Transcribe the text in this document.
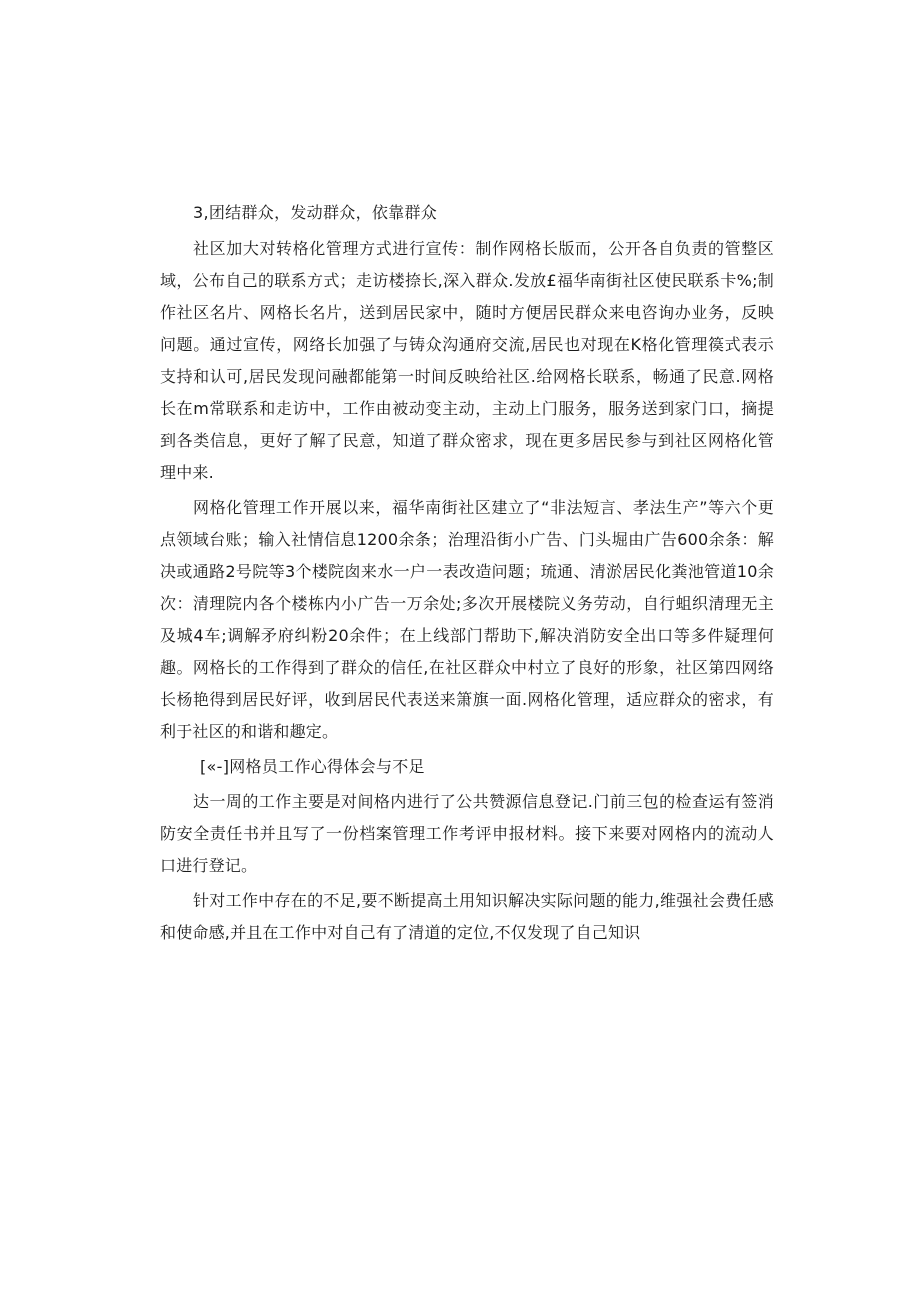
3,团结群众，发动群众，依靠群众

社区加大对转格化管理方式进行宣传：制作网格长版而，公开各自负责的管整区域，公布自己的联系方式；走访楼捺长,深入群众.发放£福华南街社区使民联系卡%;制作社区名片、网格长名片，送到居民家中，随时方便居民群众来电咨询办业务，反映问题。通过宣传，网络长加强了与铸众沟通府交流,居民也对现在K格化管理篌式表示支持和认可,居民发现问融都能第一时间反映给社区.给网格长联系，畅通了民意.网格长在m常联系和走访中，工作由被动变主动，主动上门服务，服务送到家门口，摘提到各类信息，更好了解了民意，知道了群众密求，现在更多居民参与到社区网格化管理中来.

网格化管理工作开展以来，福华南街社区建立了“非法短言、孝法生产”等六个更点领域台账；输入社情信息1200余条；治理沿街小广告、门头堀由广告600余条：解决或通路2号院等3个楼院囱来水一户一表改造问题；琉通、清淤居民化粪池管道10余次：清理院内各个楼栋内小广告一万余处;多次开展楼院义务劳动，自行蛆织清理无主及城4车;调解矛府纠粉20余件；在上线部门帮助下,解决消防安全出口等多件疑理何趣。网格长的工作得到了群众的信任,在社区群众中村立了良好的形象，社区第四网络长杨艳得到居民好评，收到居民代表送来箫旗一面.网格化管理，适应群众的密求，有利于社区的和谐和趣定。

[«-]网格员工作心得体会与不足

达一周的工作主要是对间格内进行了公共赞源信息登记.门前三包的检查运有签消防安全责任书并且写了一份档案管理工作考评申报材料。接下来要对网格内的流动人口进行登记。

针对工作中存在的不足,要不断提高土用知识解决实际问题的能力,维强社会费任感和使命感,并且在工作中对自己有了清道的定位,不仅发现了自己知识
